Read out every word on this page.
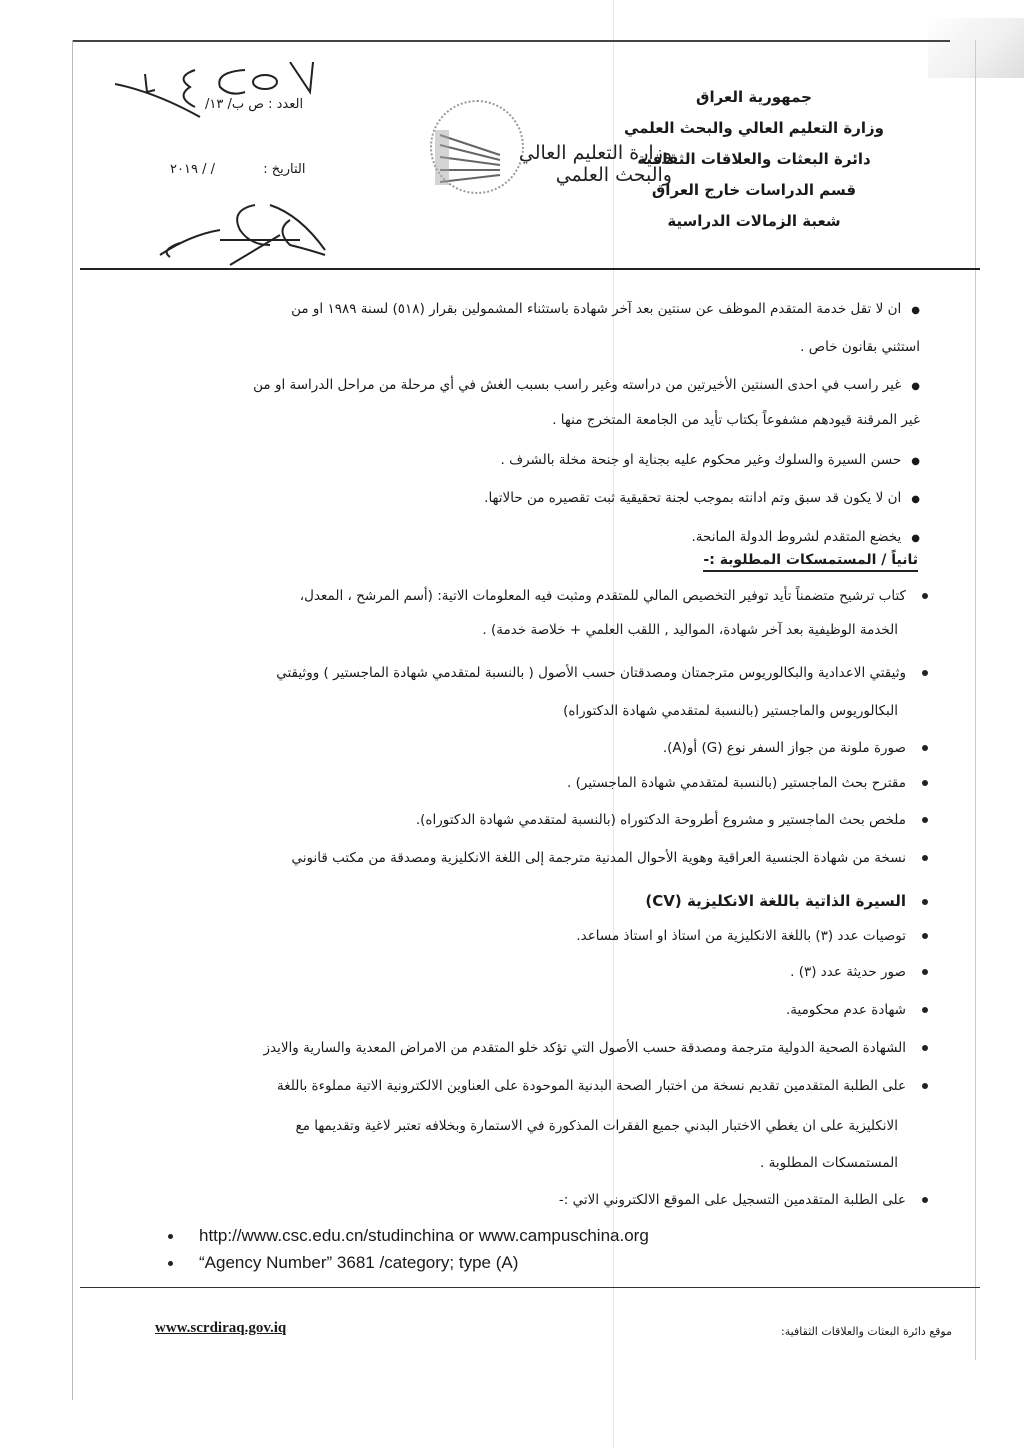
جمهورية العراق
وزارة التعليم العالي والبحث العلمي
دائرة البعثات والعلاقات الثقافية
قسم الدراسات خارج العراق
شعبة الزمالات الدراسية
وزارة التعليم العالي
والبحث العلمي
العدد : ص ب/ ١٣/
التاريخ :  / / ٢٠١٩
●ان لا تقل خدمة المتقدم الموظف عن سنتين بعد آخر شهادة باستثناء المشمولين بقرار (٥١٨) لسنة ١٩٨٩ او من
استثني بقانون خاص .
●غير راسب في احدى السنتين الأخيرتين من دراسته وغير راسب بسبب الغش في أي مرحلة من مراحل الدراسة او من
غير المرقنة قيودهم مشفوعاً بكتاب تأيد من الجامعة المتخرج منها .
●حسن السيرة والسلوك وغير محكوم عليه بجناية او جنحة مخلة بالشرف .
●ان لا يكون قد سبق وتم ادانته بموجب لجنة تحقيقية ثبت تقصيره من حالاتها.
●يخضع المتقدم لشروط الدولة المانحة.
ثانياً / المستمسكات المطلوبة :-
كتاب ترشيح متضمناً تأيد توفير التخصيص المالي للمتقدم ومثبت فيه المعلومات الاتية: (أسم المرشح ، المعدل،
الخدمة الوظيفية بعد آخر شهادة، المواليد , اللقب العلمي + خلاصة خدمة) .
وثيقتي الاعدادية والبكالوريوس مترجمتان ومصدقتان حسب الأصول ( بالنسبة لمتقدمي شهادة الماجستير ) ووثيقتي
البكالوريوس والماجستير (بالنسبة لمتقدمي شهادة الدكتوراه)
صورة ملونة من جواز السفر نوع (G) أو(A).
مقترح بحث الماجستير (بالنسبة لمتقدمي شهادة الماجستير) .
ملخص بحث الماجستير و مشروع أطروحة الدكتوراه (بالنسبة لمتقدمي شهادة الدكتوراه).
نسخة من شهادة الجنسية العراقية وهوية الأحوال المدنية مترجمة إلى اللغة الانكليزية ومصدقة من مكتب قانوني
السيرة الذاتية باللغة الانكليزية (CV)
توصيات عدد (٣) باللغة الانكليزية من استاذ او استاذ مساعد.
صور حديثة عدد (٣) .
شهادة عدم محكومية.
الشهادة الصحية الدولية مترجمة ومصدقة حسب الأصول التي تؤكد خلو المتقدم من الامراض المعدية والسارية والايدز
على الطلبة المتقدمين تقديم نسخة من اختبار الصحة البدنية الموحودة على العناوين الالكترونية الاتية مملوءة باللغة
الانكليزية على ان يغطي الاختبار البدني جميع الفقرات المذكورة في الاستمارة وبخلافه تعتبر لاغية وتقديمها مع
المستمسكات المطلوبة .
على الطلبة المتقدمين التسجيل على الموقع الالكتروني الاتي :-
http://www.csc.edu.cn/studinchina or www.campuschina.org
“Agency Number” 3681 /category; type (A)
www.scrdiraq.gov.iq	موقع دائرة البعثات والعلاقات الثقافية:
